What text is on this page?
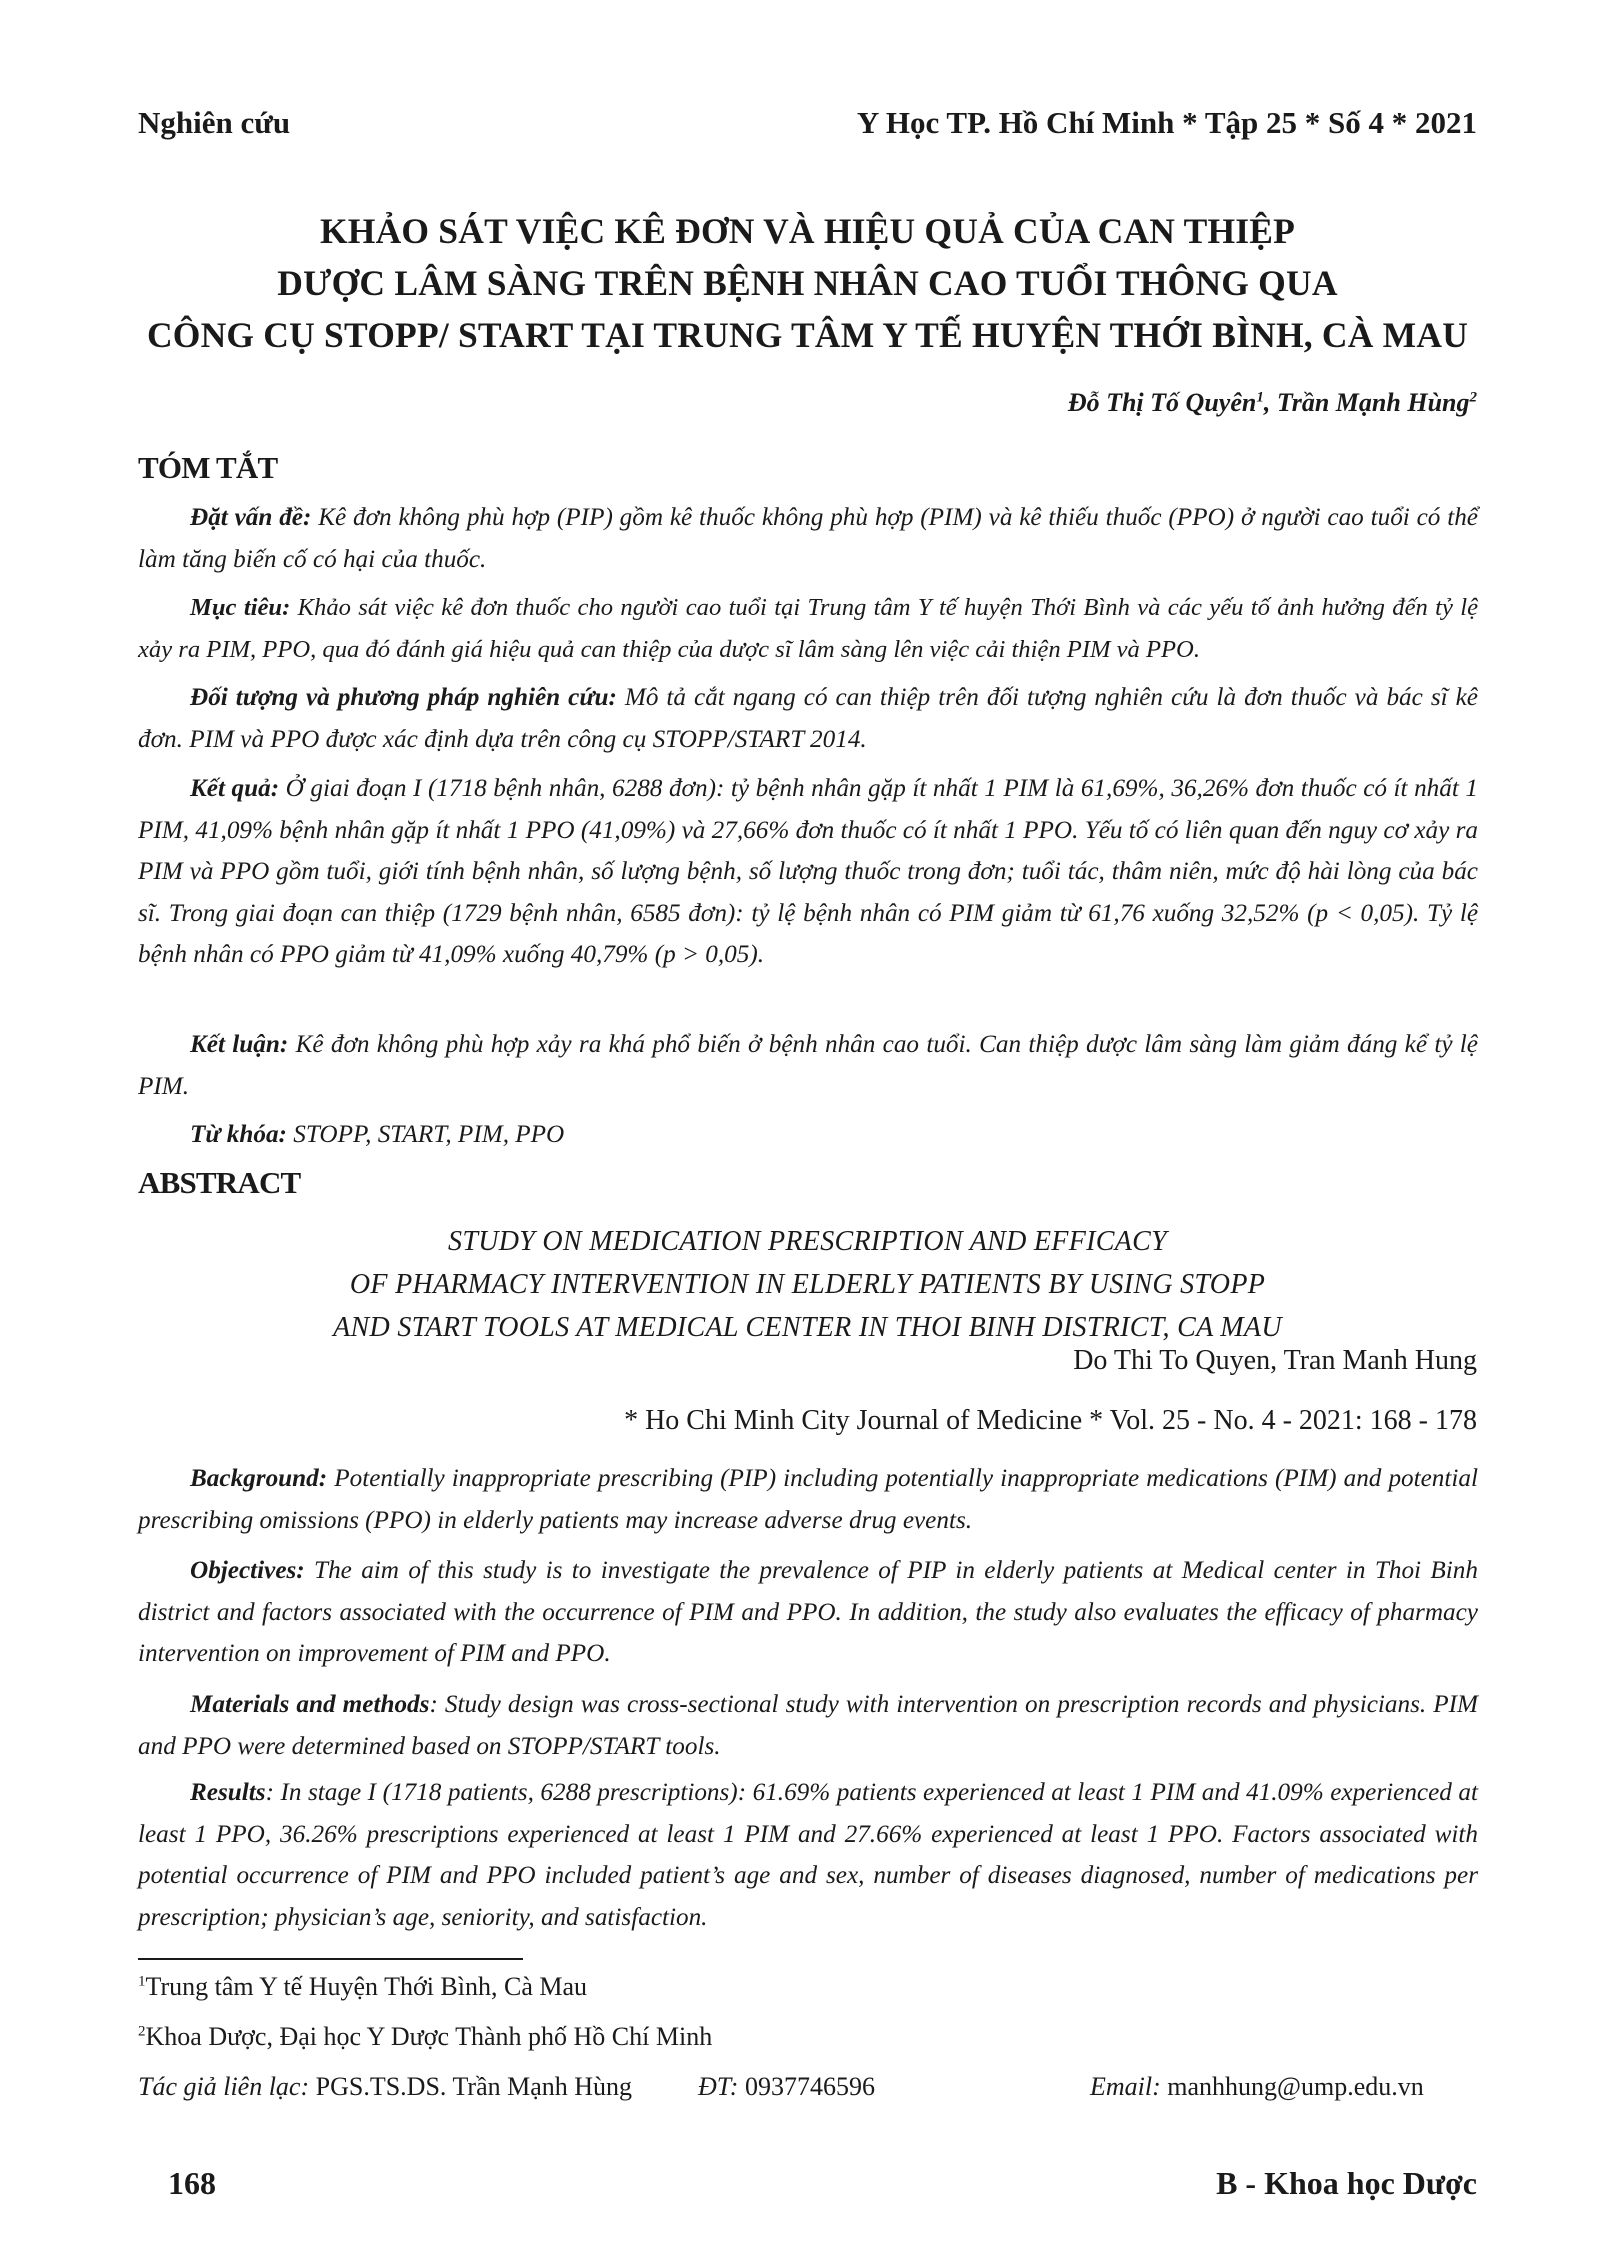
Nghiên cứu	Y Học TP. Hồ Chí Minh * Tập 25 * Số 4 * 2021
KHẢO SÁT VIỆC KÊ ĐƠN VÀ HIỆU QUẢ CỦA CAN THIỆP
DƯỢC LÂM SÀNG TRÊN BỆNH NHÂN CAO TUỔI THÔNG QUA
CÔNG CỤ STOPP/ START TẠI TRUNG TÂM Y TẾ HUYỆN THỚI BÌNH, CÀ MAU
Đỗ Thị Tố Quyên$^1$, Trần Mạnh Hùng$^2$
TÓM TẮT
Đặt vấn đề: Kê đơn không phù hợp (PIP) gồm kê thuốc không phù hợp (PIM) và kê thiếu thuốc (PPO) ở người cao tuổi có thể làm tăng biến cố có hại của thuốc.
Mục tiêu: Khảo sát việc kê đơn thuốc cho người cao tuổi tại Trung tâm Y tế huyện Thới Bình và các yếu tố ảnh hưởng đến tỷ lệ xảy ra PIM, PPO, qua đó đánh giá hiệu quả can thiệp của dược sĩ lâm sàng lên việc cải thiện PIM và PPO.
Đối tượng và phương pháp nghiên cứu: Mô tả cắt ngang có can thiệp trên đối tượng nghiên cứu là đơn thuốc và bác sĩ kê đơn. PIM và PPO được xác định dựa trên công cụ STOPP/START 2014.
Kết quả: Ở giai đoạn I (1718 bệnh nhân, 6288 đơn): tỷ bệnh nhân gặp ít nhất 1 PIM là 61,69%, 36,26% đơn thuốc có ít nhất 1 PIM, 41,09% bệnh nhân gặp ít nhất 1 PPO (41,09%) và 27,66% đơn thuốc có ít nhất 1 PPO. Yếu tố có liên quan đến nguy cơ xảy ra PIM và PPO gồm tuổi, giới tính bệnh nhân, số lượng bệnh, số lượng thuốc trong đơn; tuổi tác, thâm niên, mức độ hài lòng của bác sĩ. Trong giai đoạn can thiệp (1729 bệnh nhân, 6585 đơn): tỷ lệ bệnh nhân có PIM giảm từ 61,76 xuống 32,52% (p < 0,05). Tỷ lệ bệnh nhân có PPO giảm từ 41,09% xuống 40,79% (p > 0,05).
Kết luận: Kê đơn không phù hợp xảy ra khá phổ biến ở bệnh nhân cao tuổi. Can thiệp dược lâm sàng làm giảm đáng kể tỷ lệ PIM.
Từ khóa: STOPP, START, PIM, PPO
ABSTRACT
STUDY ON MEDICATION PRESCRIPTION AND EFFICACY
OF PHARMACY INTERVENTION IN ELDERLY PATIENTS BY USING STOPP
AND START TOOLS AT MEDICAL CENTER IN THOI BINH DISTRICT, CA MAU
Do Thi To Quyen, Tran Manh Hung
* Ho Chi Minh City Journal of Medicine * Vol. 25 - No. 4 - 2021: 168 - 178
Background: Potentially inappropriate prescribing (PIP) including potentially inappropriate medications (PIM) and potential prescribing omissions (PPO) in elderly patients may increase adverse drug events.
Objectives: The aim of this study is to investigate the prevalence of PIP in elderly patients at Medical center in Thoi Binh district and factors associated with the occurrence of PIM and PPO. In addition, the study also evaluates the efficacy of pharmacy intervention on improvement of PIM and PPO.
Materials and methods: Study design was cross-sectional study with intervention on prescription records and physicians. PIM and PPO were determined based on STOPP/START tools.
Results: In stage I (1718 patients, 6288 prescriptions): 61.69% patients experienced at least 1 PIM and 41.09% experienced at least 1 PPO, 36.26% prescriptions experienced at least 1 PIM and 27.66% experienced at least 1 PPO. Factors associated with potential occurrence of PIM and PPO included patient’s age and sex, number of diseases diagnosed, number of medications per prescription; physician’s age, seniority, and satisfaction.
$^1$Trung tâm Y tế Huyện Thới Bình, Cà Mau
$^2$Khoa Dược, Đại học Y Dược Thành phố Hồ Chí Minh
Tác giả liên lạc: PGS.TS.DS. Trần Mạnh Hùng	ĐT: 0937746596	Email: manhhung@ump.edu.vn
168	B - Khoa học Dược
